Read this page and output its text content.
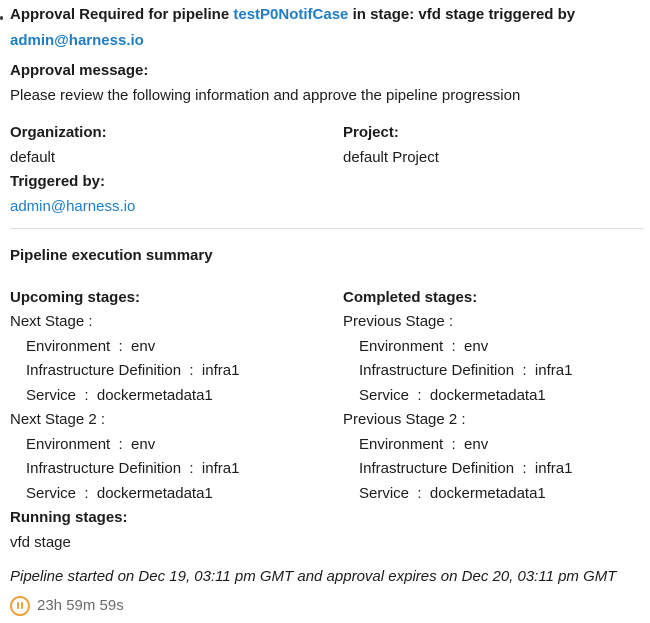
Approval Required for pipeline testP0NotifCase in stage: vfd stage triggered by admin@harness.io

Approval message:
Please review the following information and approve the pipeline progression
Organization:
default
Project:
default Project
Triggered by:
admin@harness.io

Pipeline execution summary

Upcoming stages:
Next Stage :
Environment  :  env
Infrastructure Definition  :  infra1
Service  :  dockermetadata1
Next Stage 2 :
Environment  :  env
Infrastructure Definition  :  infra1
Service  :  dockermetadata1
Running stages:
vfd stage
Completed stages:
Previous Stage :
Environment  :  env
Infrastructure Definition  :  infra1
Service  :  dockermetadata1
Previous Stage 2 :
Environment  :  env
Infrastructure Definition  :  infra1
Service  :  dockermetadata1

Pipeline started on Dec 19, 03:11 pm GMT and approval expires on Dec 20, 03:11 pm GMT

23h 59m 59s
